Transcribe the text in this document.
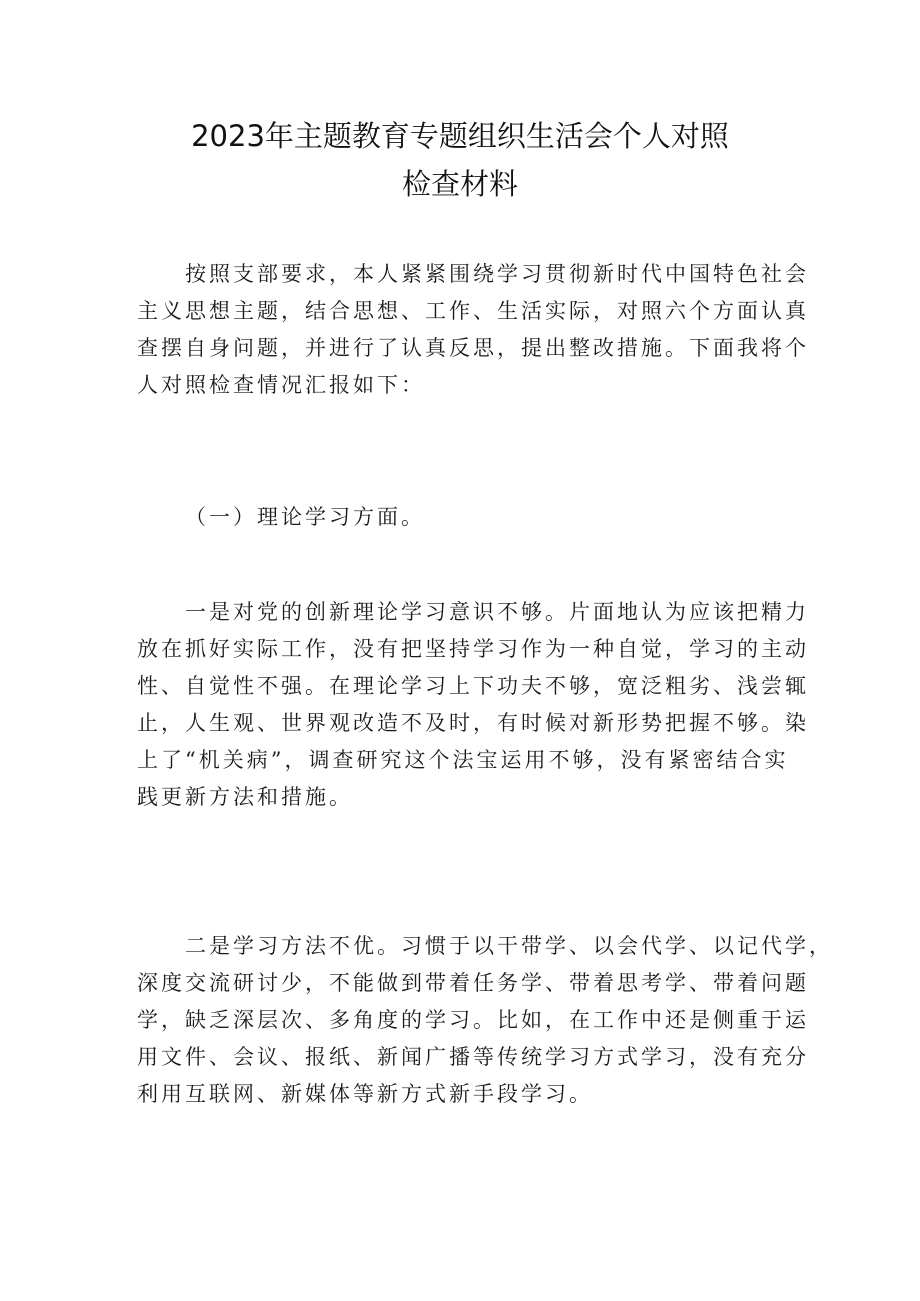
2023年主题教育专题组织生活会个人对照
检查材料
按照支部要求，本人紧紧围绕学习贯彻新时代中国特色社会
主义思想主题，结合思想、工作、生活实际，对照六个方面认真
查摆自身问题，并进行了认真反思，提出整改措施。下面我将个
人对照检查情况汇报如下：
（一）理论学习方面。
一是对党的创新理论学习意识不够。片面地认为应该把精力
放在抓好实际工作，没有把坚持学习作为一种自觉，学习的主动
性、自觉性不强。在理论学习上下功夫不够，宽泛粗劣、浅尝辄
止，人生观、世界观改造不及时，有时候对新形势把握不够。染
上了“机关病”，调查研究这个法宝运用不够，没有紧密结合实
践更新方法和措施。
二是学习方法不优。习惯于以干带学、以会代学、以记代学，
深度交流研讨少，不能做到带着任务学、带着思考学、带着问题
学，缺乏深层次、多角度的学习。比如，在工作中还是侧重于运
用文件、会议、报纸、新闻广播等传统学习方式学习，没有充分
利用互联网、新媒体等新方式新手段学习。
